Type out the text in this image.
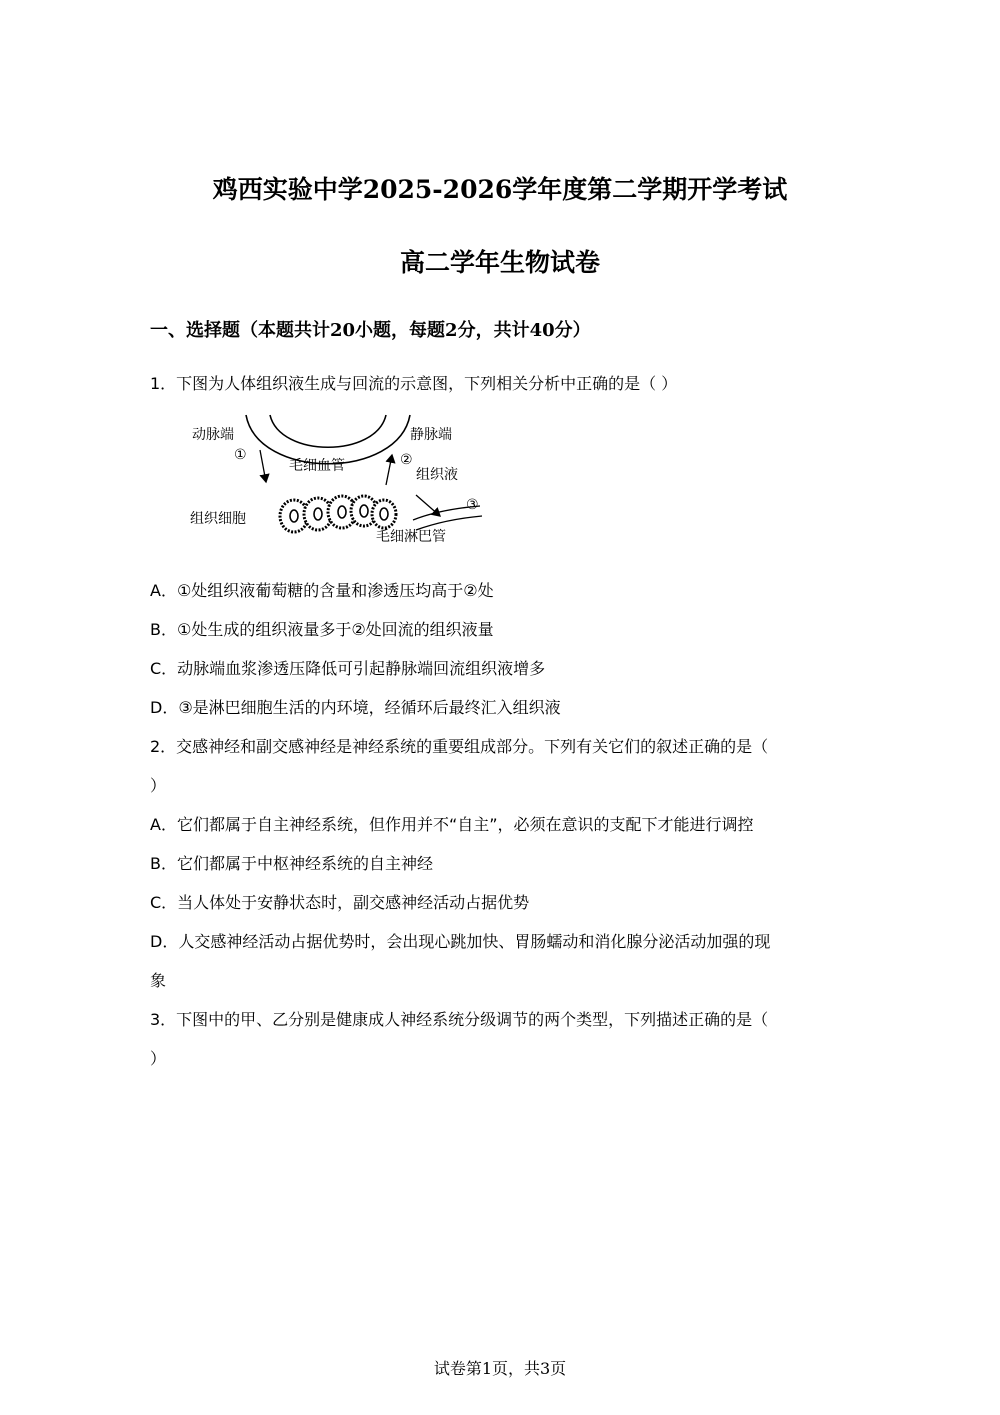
鸡西实验中学2025-2026学年度第二学期开学考试
高二学年生物试卷
一、选择题（本题共计20小题，每题2分，共计40分）
1．下图为人体组织液生成与回流的示意图，下列相关分析中正确的是（ ）
动脉端
①
毛细血管
静脉端
②
组织液
③
组织细胞
毛细淋巴管
A．①处组织液葡萄糖的含量和渗透压均高于②处
B．①处生成的组织液量多于②处回流的组织液量
C．动脉端血浆渗透压降低可引起静脉端回流组织液增多
D．③是淋巴细胞生活的内环境，经循环后最终汇入组织液
2．交感神经和副交感神经是神经系统的重要组成部分。下列有关它们的叙述正确的是（
）
A．它们都属于自主神经系统，但作用并不“自主”，必须在意识的支配下才能进行调控
B．它们都属于中枢神经系统的自主神经
C．当人体处于安静状态时，副交感神经活动占据优势
D．人交感神经活动占据优势时，会出现心跳加快、胃肠蠕动和消化腺分泌活动加强的现
象
3．下图中的甲、乙分别是健康成人神经系统分级调节的两个类型，下列描述正确的是（
）
试卷第1页，共3页
